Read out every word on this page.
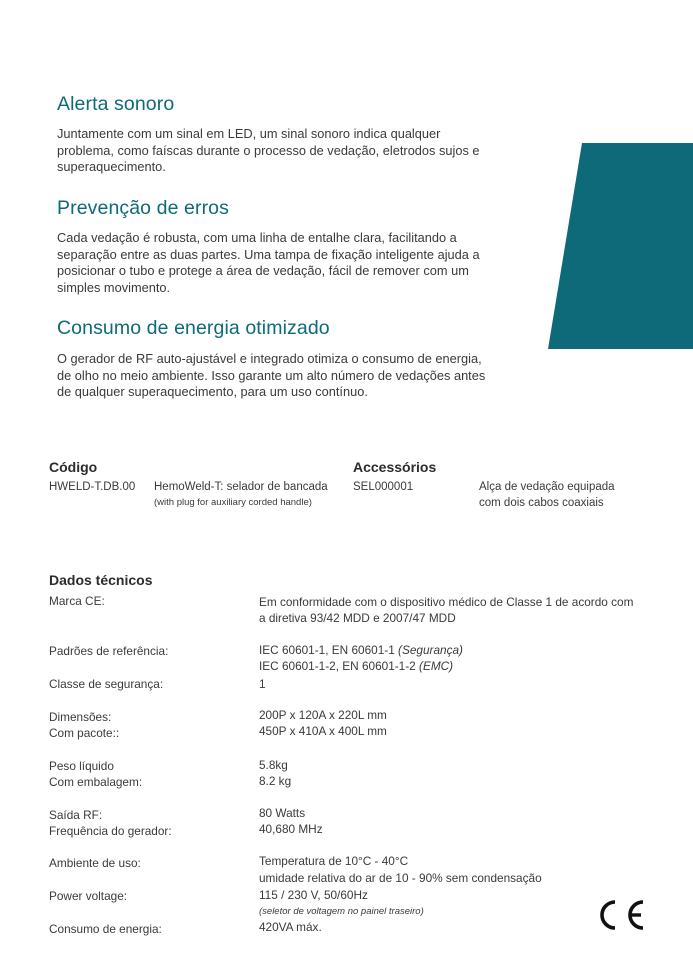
Alerta sonoro

Juntamente com um sinal em LED, um sinal sonoro indica qualquer problema, como faíscas durante o processo de vedação, eletrodos sujos e superaquecimento.

Prevenção de erros

Cada vedação é robusta, com uma linha de entalhe clara, facilitando a separação entre as duas partes. Uma tampa de fixação inteligente ajuda a posicionar o tubo e protege a área de vedação, fácil de remover com um simples movimento.

Consumo de energia otimizado

O gerador de RF auto-ajustável e integrado otimiza o consumo de energia, de olho no meio ambiente. Isso garante um alto número de vedações antes de qualquer superaquecimento, para um uso contínuo.

Código
HWELD-T.DB.00 HemoWeld-T: selador de bancada
(with plug for auxiliary corded handle)
Accessórios
SEL000001	Alça de vedação equipada
com dois cabos coaxiais
Dados técnicos
Marca CE:	Em conformidade com o dispositivo médico de Classe 1 de acordo com
a diretiva 93/42 MDD e 2007/47 MDD
Padrões de referência:	IEC 60601-1, EN 60601-1 (Segurança)
IEC 60601-1-2, EN 60601-1-2 (EMC)
Classe de segurança:	1
Dimensões:	200P x 120A x 220L mm
Com pacote::	450P x 410A x 400L mm
Peso líquido	5.8kg
Com embalagem:	8.2 kg
Saída RF:	80 Watts
Frequência do gerador:	40,680 MHz
Ambiente de uso:	Temperatura de 10°C - 40°C
umidade relativa do ar de 10 - 90% sem condensação
Power voltage:	115 / 230 V, 50/60Hz
(seletor de voltagem no painel traseiro)
Consumo de energia:	420VA máx.
